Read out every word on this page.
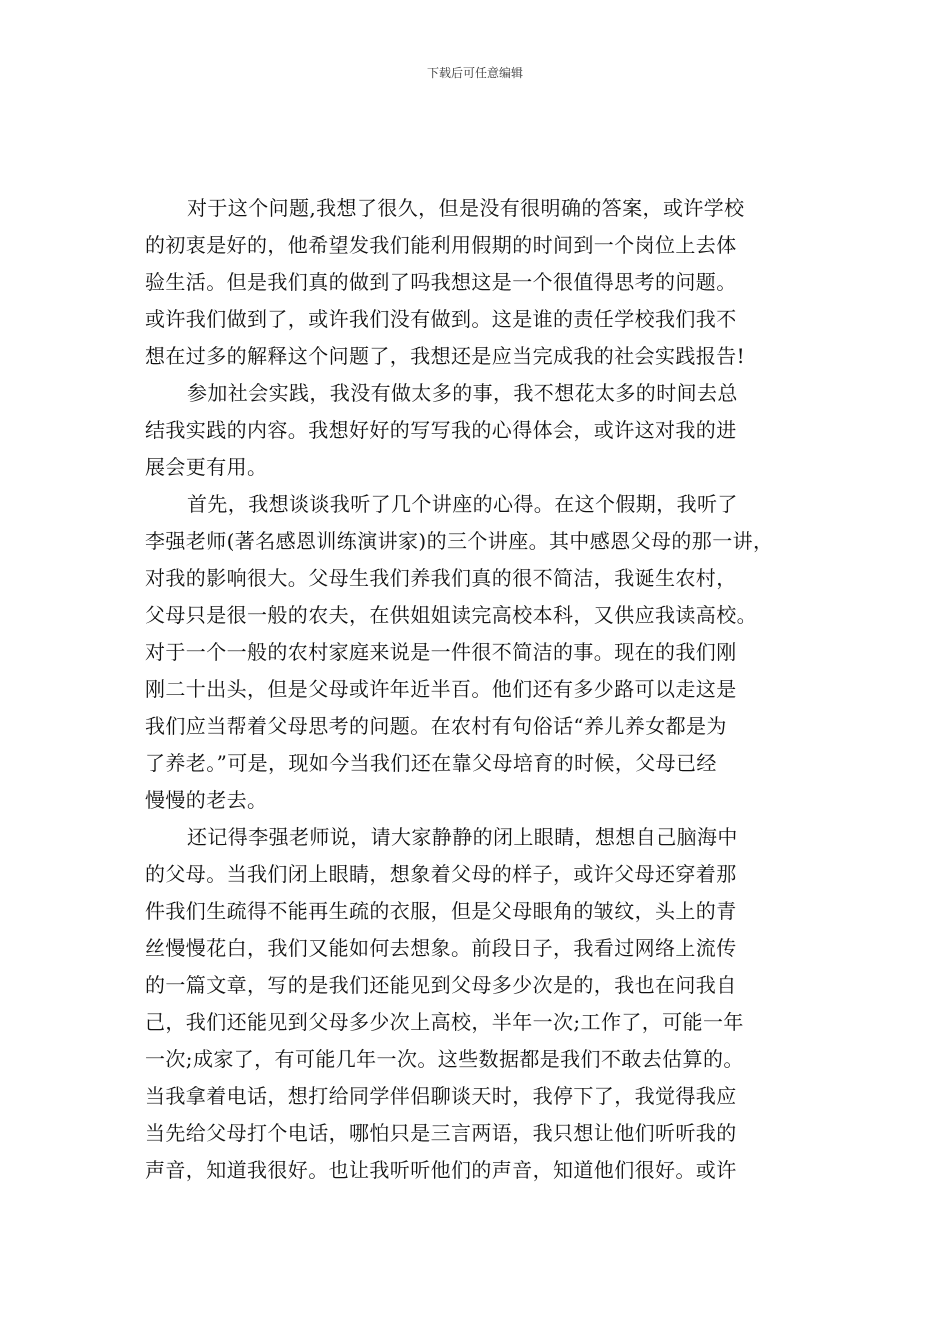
下载后可任意编辑
对于这个问题,我想了很久，但是没有很明确的答案，或许学校
的初衷是好的，他希望发我们能利用假期的时间到一个岗位上去体
验生活。但是我们真的做到了吗我想这是一个很值得思考的问题。
或许我们做到了，或许我们没有做到。这是谁的责任学校我们我不
想在过多的解释这个问题了，我想还是应当完成我的社会实践报告!
参加社会实践，我没有做太多的事，我不想花太多的时间去总
结我实践的内容。我想好好的写写我的心得体会，或许这对我的进
展会更有用。
首先，我想谈谈我听了几个讲座的心得。在这个假期，我听了
李强老师(著名感恩训练演讲家)的三个讲座。其中感恩父母的那一讲，
对我的影响很大。父母生我们养我们真的很不简洁，我诞生农村，
父母只是很一般的农夫，在供姐姐读完高校本科，又供应我读高校。
对于一个一般的农村家庭来说是一件很不简洁的事。现在的我们刚
刚二十出头，但是父母或许年近半百。他们还有多少路可以走这是
我们应当帮着父母思考的问题。在农村有句俗话“养儿养女都是为
了养老。”可是，现如今当我们还在靠父母培育的时候，父母已经
慢慢的老去。
还记得李强老师说，请大家静静的闭上眼睛，想想自己脑海中
的父母。当我们闭上眼睛，想象着父母的样子，或许父母还穿着那
件我们生疏得不能再生疏的衣服，但是父母眼角的皱纹，头上的青
丝慢慢花白，我们又能如何去想象。前段日子，我看过网络上流传
的一篇文章，写的是我们还能见到父母多少次是的，我也在问我自
己，我们还能见到父母多少次上高校，半年一次;工作了，可能一年
一次;成家了，有可能几年一次。这些数据都是我们不敢去估算的。
当我拿着电话，想打给同学伴侣聊谈天时，我停下了，我觉得我应
当先给父母打个电话，哪怕只是三言两语，我只想让他们听听我的
声音，知道我很好。也让我听听他们的声音，知道他们很好。或许
